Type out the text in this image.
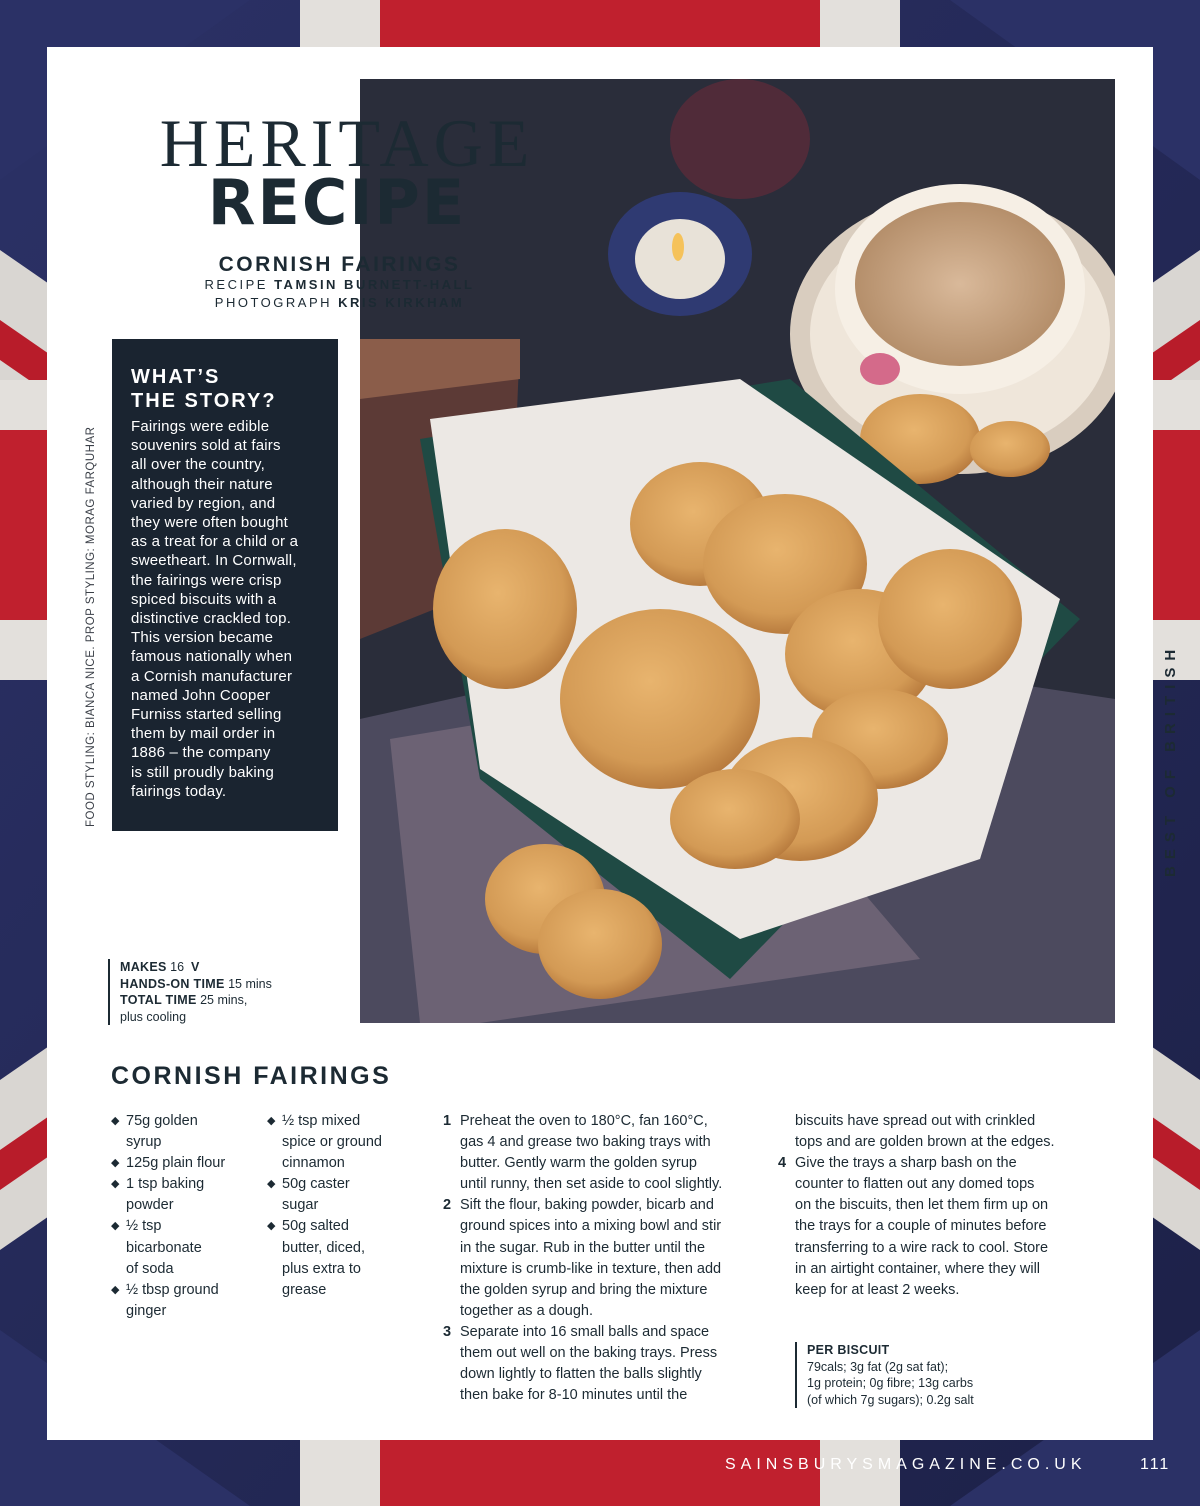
SAINSBURYSMAGAZINE.CO.UK	111
HERITAGE
RECIPE
CORNISH FAIRINGS
RECIPE TAMSIN BURNETT-HALL
PHOTOGRAPH KRIS KIRKHAM
FOOD STYLING: BIANCA NICE. PROP STYLING: MORAG FARQUHAR
WHAT’S
THE STORY?

Fairings were edible
souvenirs sold at fairs
all over the country,
although their nature
varied by region, and
they were often bought
as a treat for a child or a
sweetheart. In Cornwall,
the fairings were crisp
spiced biscuits with a
distinctive crackled top.
This version became
famous nationally when
a Cornish manufacturer
named John Cooper
Furniss started selling
them by mail order in
1886 – the company
is still proudly baking
fairings today.	BEST OF BRITISH
MAKES 16 V
HANDS-ON TIME 15 mins
TOTAL TIME 25 mins,
plus cooling
CORNISH FAIRINGS
◆ 75g golden
syrup
◆ 125g plain flour
◆ 1 tsp baking
powder
◆ ½ tsp
bicarbonate
of soda
◆ ½ tbsp ground
ginger
◆ ½ tsp mixed
spice or ground
cinnamon
◆ 50g caster
sugar
◆ 50g salted
butter, diced,
plus extra to
grease
1 Preheat the oven to 180°C, fan 160°C,
gas 4 and grease two baking trays with
butter. Gently warm the golden syrup
until runny, then set aside to cool slightly.
2 Sift the flour, baking powder, bicarb and
ground spices into a mixing bowl and stir
in the sugar. Rub in the butter until the
mixture is crumb-like in texture, then add
the golden syrup and bring the mixture
together as a dough.
3 Separate into 16 small balls and space
them out well on the baking trays. Press
down lightly to flatten the balls slightly
then bake for 8-10 minutes until the
biscuits have spread out with crinkled
tops and are golden brown at the edges.
4 Give the trays a sharp bash on the
counter to flatten out any domed tops
on the biscuits, then let them firm up on
the trays for a couple of minutes before
transferring to a wire rack to cool. Store
in an airtight container, where they will
keep for at least 2 weeks.
PER BISCUIT
79cals; 3g fat (2g sat fat);
1g protein; 0g fibre; 13g carbs
(of which 7g sugars); 0.2g salt
